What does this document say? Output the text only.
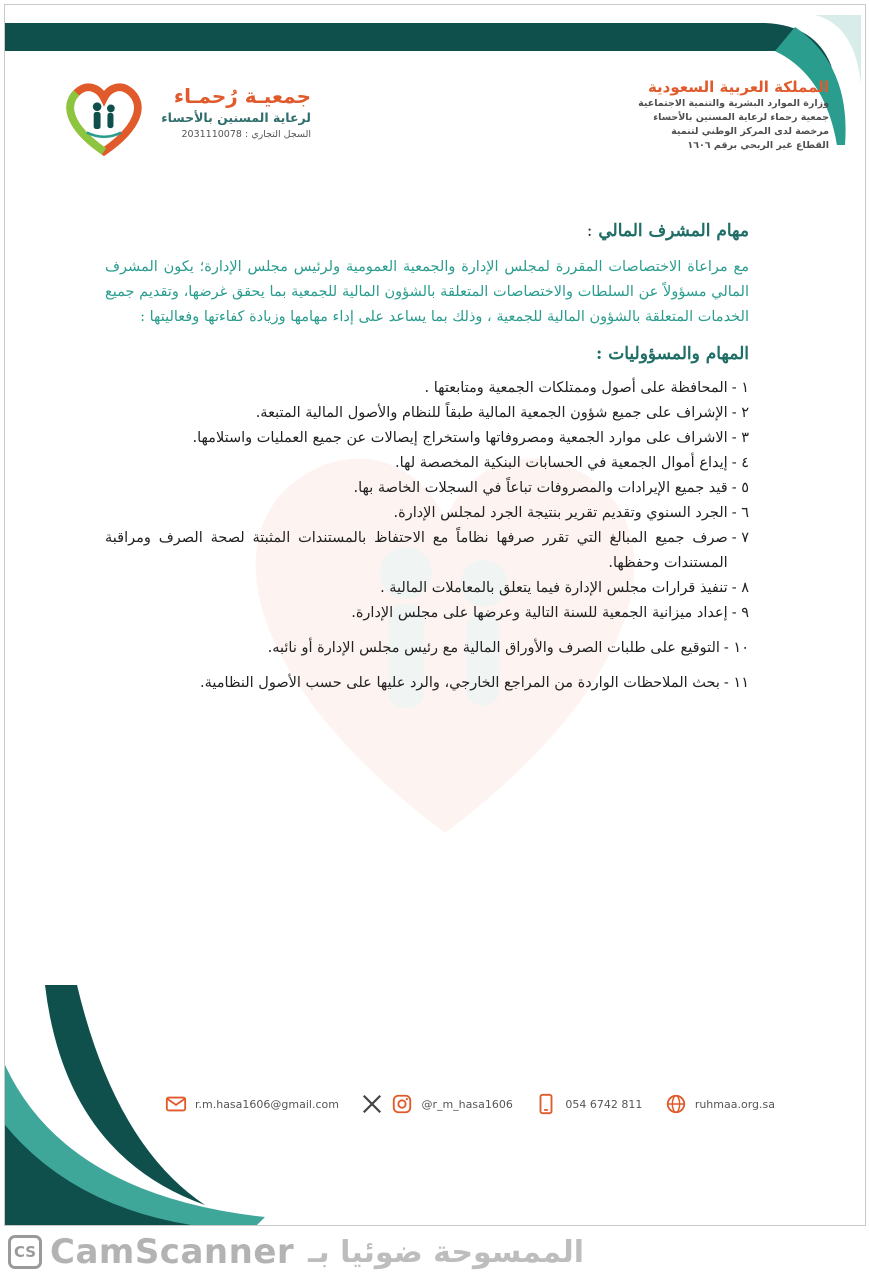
المملكة العربية السعودية
وزارة الموارد البشرية والتنمية الاجتماعية
جمعية رحماء لرعاية المسنين بالأحساء
مرخصة لدى المركز الوطني لتنمية
القطاع غير الربحي برقم ١٦٠٦
جمعيـة رُحمـاء
لرعاية المسنين بالأحساء
السجل التجاري : 2031110078
مهام المشرف المالي :

مع مراعاة الاختصاصات المقررة لمجلس الإدارة والجمعية العمومية ولرئيس مجلس الإدارة؛ يكون المشرف المالي مسؤولاً عن السلطات والاختصاصات المتعلقة بالشؤون المالية للجمعية بما يحقق غرضها، وتقديم جميع الخدمات المتعلقة بالشؤون المالية للجمعية ، وذلك بما يساعد على إداء مهامها وزيادة كفاءتها وفعاليتها :

المهام والمسؤوليات :
١ -
المحافظة على أصول وممتلكات الجمعية ومتابعتها .
٢ -
الإشراف على جميع شؤون الجمعية المالية طبقاً للنظام والأصول المالية المتبعة.
٣ -
الاشراف على موارد الجمعية ومصروفاتها واستخراج إيصالات عن جميع العمليات واستلامها.
٤ -
إيداع أموال الجمعية في الحسابات البنكية المخصصة لها.
٥ -
قيد جميع الإيرادات والمصروفات تباعاً في السجلات الخاصة بها.
٦ -
الجرد السنوي وتقديم تقرير بنتيجة الجرد لمجلس الإدارة.
٧ -
صرف جميع المبالغ التي تقرر صرفها نظاماً مع الاحتفاظ بالمستندات المثبتة لصحة الصرف ومراقبة المستندات وحفظها.
٨ -
تنفيذ قرارات مجلس الإدارة فيما يتعلق بالمعاملات المالية .
٩ -
إعداد ميزانية الجمعية للسنة التالية وعرضها على مجلس الإدارة.
١٠ -
التوقيع على طلبات الصرف والأوراق المالية مع رئيس مجلس الإدارة أو نائبه.
١١ -
بحث الملاحظات الواردة من المراجع الخارجي، والرد عليها على حسب الأصول النظامية.
r.m.hasa1606@gmail.com	@r_m_hasa1606	054 6742 811	ruhmaa.org.sa
CS CamScanner الممسوحة ضوئيا بـ
